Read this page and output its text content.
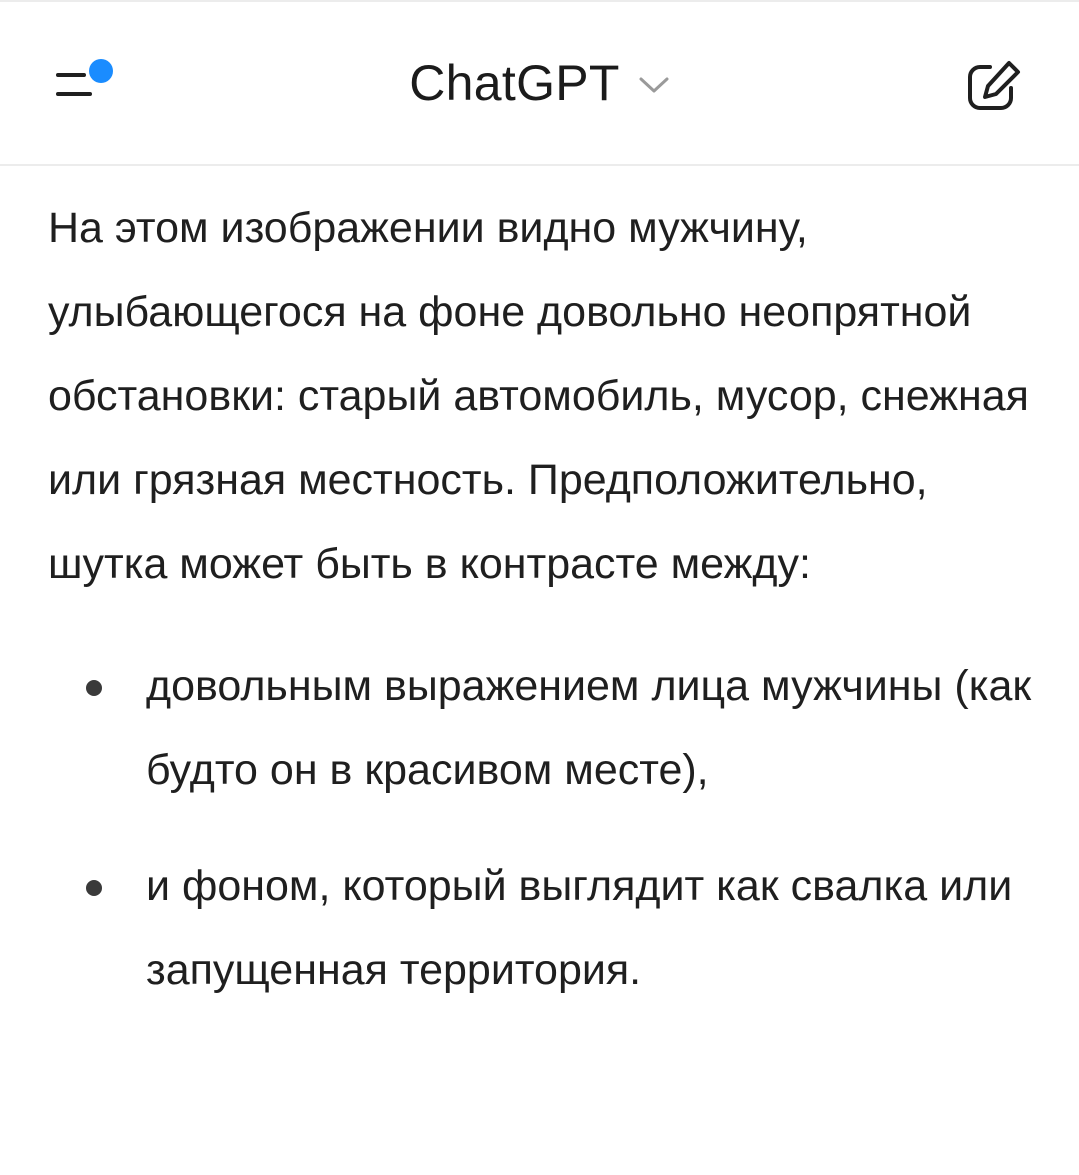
ChatGPT

На этом изображении видно мужчину, улыбающегося на фоне довольно неопрятной обстановки: старый автомобиль, мусор, снежная или грязная местность. Предположительно, шутка может быть в контрасте между:

довольным выражением лица мужчины (как будто он в красивом месте),
и фоном, который выглядит как свалка или запущенная территория.
